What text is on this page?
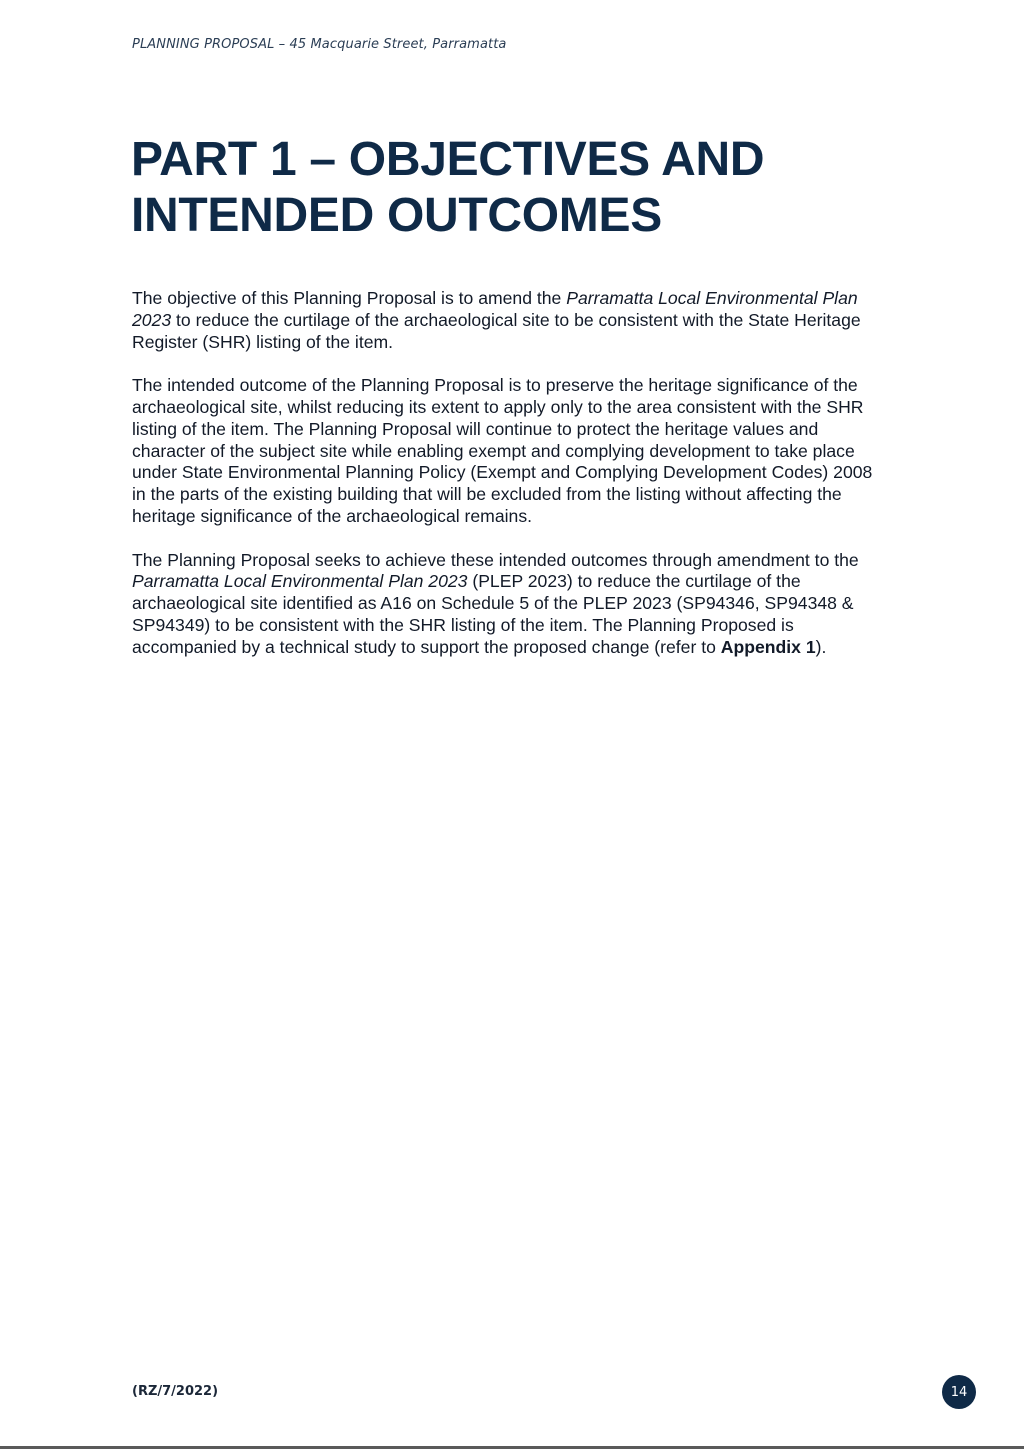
PLANNING PROPOSAL – 45 Macquarie Street, Parramatta
PART 1 – OBJECTIVES AND
INTENDED OUTCOMES

The objective of this Planning Proposal is to amend the Parramatta Local Environmental Plan
2023 to reduce the curtilage of the archaeological site to be consistent with the State Heritage
Register (SHR) listing of the item.

The intended outcome of the Planning Proposal is to preserve the heritage significance of the
archaeological site, whilst reducing its extent to apply only to the area consistent with the SHR
listing of the item. The Planning Proposal will continue to protect the heritage values and
character of the subject site while enabling exempt and complying development to take place
under State Environmental Planning Policy (Exempt and Complying Development Codes) 2008
in the parts of the existing building that will be excluded from the listing without affecting the
heritage significance of the archaeological remains.

The Planning Proposal seeks to achieve these intended outcomes through amendment to the
Parramatta Local Environmental Plan 2023 (PLEP 2023) to reduce the curtilage of the
archaeological site identified as A16 on Schedule 5 of the PLEP 2023 (SP94346, SP94348 &
SP94349) to be consistent with the SHR listing of the item. The Planning Proposed is
accompanied by a technical study to support the proposed change (refer to Appendix 1).

(RZ/7/2022)	14
